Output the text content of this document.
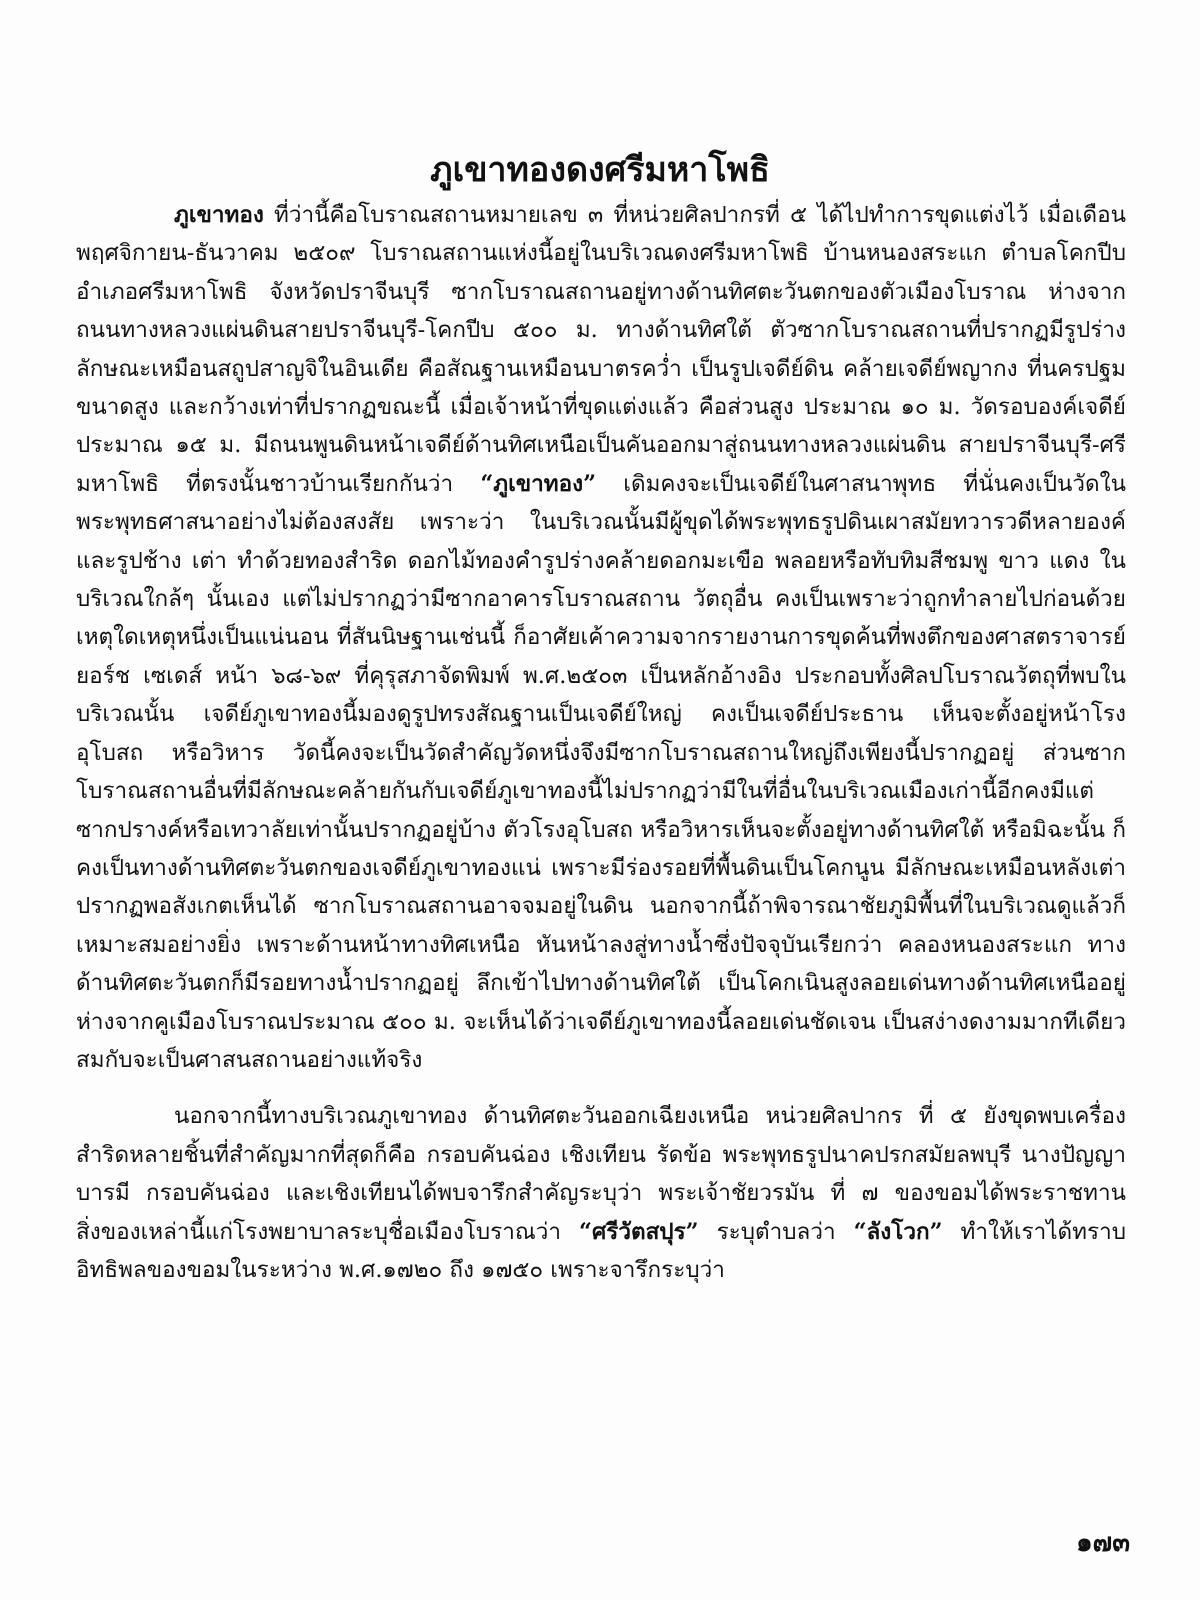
ภูเขาทองดงศรีมหาโพธิ

ภูเขาทอง ที่ว่านี้คือโบราณสถานหมายเลข ๓ ที่หน่วยศิลปากรที่ ๕ ได้ไปทำการขุดแต่งไว้ เมื่อเดือนพฤศจิกายน-ธันวาคม ๒๕๐๙ โบราณสถานแห่งนี้อยู่ในบริเวณดงศรีมหาโพธิ บ้านหนองสระแก ตำบลโคกปีบ อำเภอศรีมหาโพธิ จังหวัดปราจีนบุรี ซากโบราณสถานอยู่ทางด้านทิศตะวันตกของตัวเมืองโบราณ ห่างจากถนนทางหลวงแผ่นดินสายปราจีนบุรี-โคกปีบ ๕๐๐ ม. ทางด้านทิศใต้ ตัวซากโบราณสถานที่ปรากฏมีรูปร่างลักษณะเหมือนสถูปสาญจิในอินเดีย คือสัณฐานเหมือนบาตรคว่ำ เป็นรูปเจดีย์ดิน คล้ายเจดีย์พญากง ที่นครปฐม ขนาดสูง และกว้างเท่าที่ปรากฏขณะนี้ เมื่อเจ้าหน้าที่ขุดแต่งแล้ว คือส่วนสูง ประมาณ ๑๐ ม. วัดรอบองค์เจดีย์ประมาณ ๑๕ ม. มีถนนพูนดินหน้าเจดีย์ด้านทิศเหนือเป็นคันออกมาสู่ถนนทางหลวงแผ่นดิน สายปราจีนบุรี-ศรีมหาโพธิ ที่ตรงนั้นชาวบ้านเรียกกันว่า “ภูเขาทอง” เดิมคงจะเป็นเจดีย์ในศาสนาพุทธ ที่นั่นคงเป็นวัดในพระพุทธศาสนาอย่างไม่ต้องสงสัย เพราะว่า ในบริเวณนั้นมีผู้ขุดได้พระพุทธรูปดินเผาสมัยทวารวดีหลายองค์ และรูปช้าง เต่า ทำด้วยทองสำริด ดอกไม้ทองคำรูปร่างคล้ายดอกมะเขือ พลอยหรือทับทิมสีชมพู ขาว แดง ในบริเวณใกล้ๆ นั้นเอง แต่ไม่ปรากฏว่ามีซากอาคารโบราณสถาน วัตถุอื่น คงเป็นเพราะว่าถูกทำลายไปก่อนด้วยเหตุใดเหตุหนึ่งเป็นแน่นอน ที่สันนิษฐานเช่นนี้ ก็อาศัยเค้าความจากรายงานการขุดค้นที่พงตึกของศาสตราจารย์ ยอร์ช เซเดส์ หน้า ๖๘-๖๙ ที่คุรุสภาจัดพิมพ์ พ.ศ.๒๕๐๓ เป็นหลักอ้างอิง ประกอบทั้งศิลปโบราณวัตถุที่พบในบริเวณนั้น เจดีย์ภูเขาทองนี้มองดูรูปทรงสัณฐานเป็นเจดีย์ใหญ่ คงเป็นเจดีย์ประธาน เห็นจะตั้งอยู่หน้าโรงอุโบสถ หรือวิหาร วัดนี้คงจะเป็นวัดสำคัญวัดหนึ่งจึงมีซากโบราณสถานใหญ่ถึงเพียงนี้ปรากฏอยู่ ส่วนซากโบราณสถานอื่นที่มีลักษณะคล้ายกันกับเจดีย์ภูเขาทองนี้ไม่ปรากฏว่ามีในที่อื่นในบริเวณเมืองเก่านี้อีกคงมีแต่ซากปรางค์หรือเทวาลัยเท่านั้นปรากฏอยู่บ้าง ตัวโรงอุโบสถ หรือวิหารเห็นจะตั้งอยู่ทางด้านทิศใต้ หรือมิฉะนั้น ก็คงเป็นทางด้านทิศตะวันตกของเจดีย์ภูเขาทองแน่ เพราะมีร่องรอยที่พื้นดินเป็นโคกนูน มีลักษณะเหมือนหลังเต่าปรากฏพอสังเกตเห็นได้ ซากโบราณสถานอาจจมอยู่ในดิน นอกจากนี้ถ้าพิจารณาชัยภูมิพื้นที่ในบริเวณดูแล้วก็เหมาะสมอย่างยิ่ง เพราะด้านหน้าทางทิศเหนือ หันหน้าลงสู่ทางน้ำซึ่งปัจจุบันเรียกว่า คลองหนองสระแก ทางด้านทิศตะวันตกก็มีรอยทางน้ำปรากฏอยู่ ลึกเข้าไปทางด้านทิศใต้ เป็นโคกเนินสูงลอยเด่นทางด้านทิศเหนืออยู่ห่างจากคูเมืองโบราณประมาณ ๕๐๐ ม. จะเห็นได้ว่าเจดีย์ภูเขาทองนี้ลอยเด่นชัดเจน เป็นสง่างดงามมากทีเดียว สมกับจะเป็นศาสนสถานอย่างแท้จริง

นอกจากนี้ทางบริเวณภูเขาทอง ด้านทิศตะวันออกเฉียงเหนือ หน่วยศิลปากร ที่ ๕ ยังขุดพบเครื่องสำริดหลายชิ้นที่สำคัญมากที่สุดก็คือ กรอบคันฉ่อง เชิงเทียน รัดข้อ พระพุทธรูปนาคปรกสมัยลพบุรี นางปัญญาบารมี กรอบคันฉ่อง และเชิงเทียนได้พบจารึกสำคัญระบุว่า พระเจ้าชัยวรมัน ที่ ๗ ของขอมได้พระราชทานสิ่งของเหล่านี้แก่โรงพยาบาลระบุชื่อเมืองโบราณว่า “ศรีวัตสปุร” ระบุตำบลว่า “ลังโวก” ทำให้เราได้ทราบอิทธิพลของขอมในระหว่าง พ.ศ.๑๗๒๐ ถึง ๑๗๕๐ เพราะจารึกระบุว่า

๑๗๓
